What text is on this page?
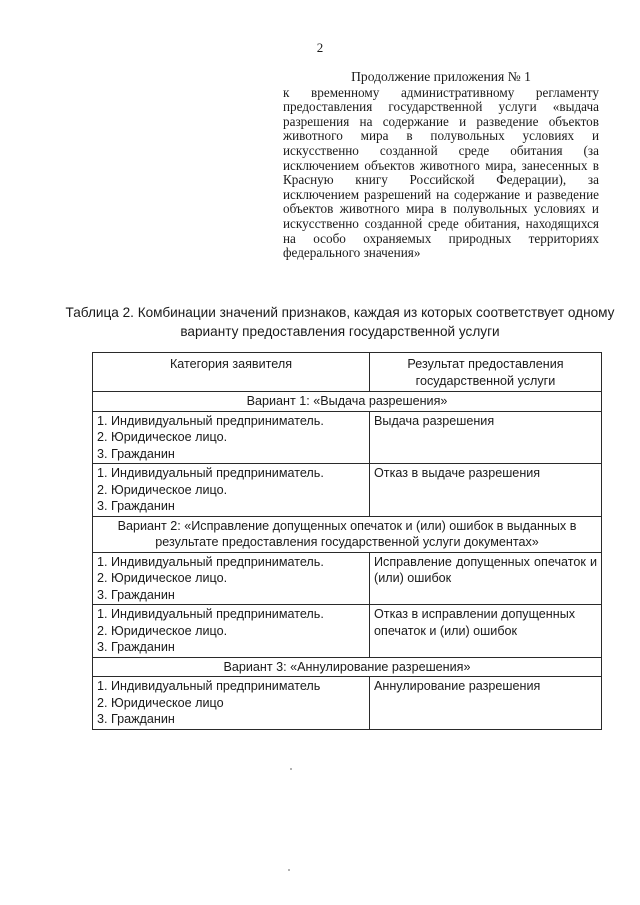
2
Продолжение приложения № 1
к временному административному регламенту предоставления государственной услуги «выдача разрешения на содержание и разведение объектов животного мира в полувольных условиях и искусственно созданной среде обитания (за исключением объектов животного мира, занесенных в Красную книгу Российской Федерации), за исключением разрешений на содержание и разведение объектов животного мира в полувольных условиях и искусственно созданной среде обитания, находящихся на особо охраняемых природных территориях федерального значения»
Таблица 2. Комбинации значений признаков, каждая из которых соответствует одному варианту предоставления государственной услуги
Категория заявителя	Результат предоставления государственной услуги
Вариант 1: «Выдача разрешения»	

1. Индивидуальный предприниматель.
2. Юридическое лицо.
3. Гражданин	Выдача разрешения

1. Индивидуальный предприниматель.
2. Юридическое лицо.
3. Гражданин	Отказ в выдаче разрешения
Вариант 2: «Исправление допущенных опечаток и (или) ошибок в выданных в результате предоставления государственной услуги документах»	

1. Индивидуальный предприниматель.
2. Юридическое лицо.
3. Гражданин	Исправление допущенных опечаток и (или) ошибок

1. Индивидуальный предприниматель.
2. Юридическое лицо.
3. Гражданин	Отказ в исправлении допущенных опечаток и (или) ошибок
Вариант 3: «Аннулирование разрешения»	

1. Индивидуальный предприниматель
2. Юридическое лицо
3. Гражданин	Аннулирование разрешения
